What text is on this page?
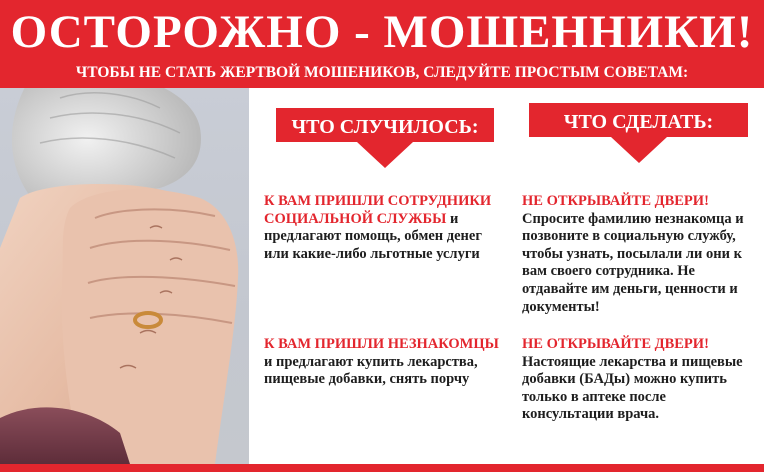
ОСТОРОЖНО - МОШЕННИКИ!
ЧТОБЫ НЕ СТАТЬ ЖЕРТВОЙ МОШЕНИКОВ, СЛЕДУЙТЕ ПРОСТЫМ СОВЕТАМ:
ЧТО СЛУЧИЛОСЬ:	ЧТО СДЕЛАТЬ:
К ВАМ ПРИШЛИ СОТРУДНИКИ СОЦИАЛЬНОЙ СЛУЖБЫ и предлагают помощь, обмен денег или какие-либо льготные услуги
К ВАМ ПРИШЛИ НЕЗНАКОМЦЫ и предлагают купить лекарства, пищевые добавки, снять порчу
НЕ ОТКРЫВАЙТЕ ДВЕРИ!
Спросите фамилию незнакомца и позвоните в социальную службу, чтобы узнать, посылали ли они к вам своего сотрудника. Не отдавайте им деньги, ценности и документы!
НЕ ОТКРЫВАЙТЕ ДВЕРИ!
Настоящие лекарства и пищевые добавки (БАДы) можно купить только в аптеке после консультации врача.
